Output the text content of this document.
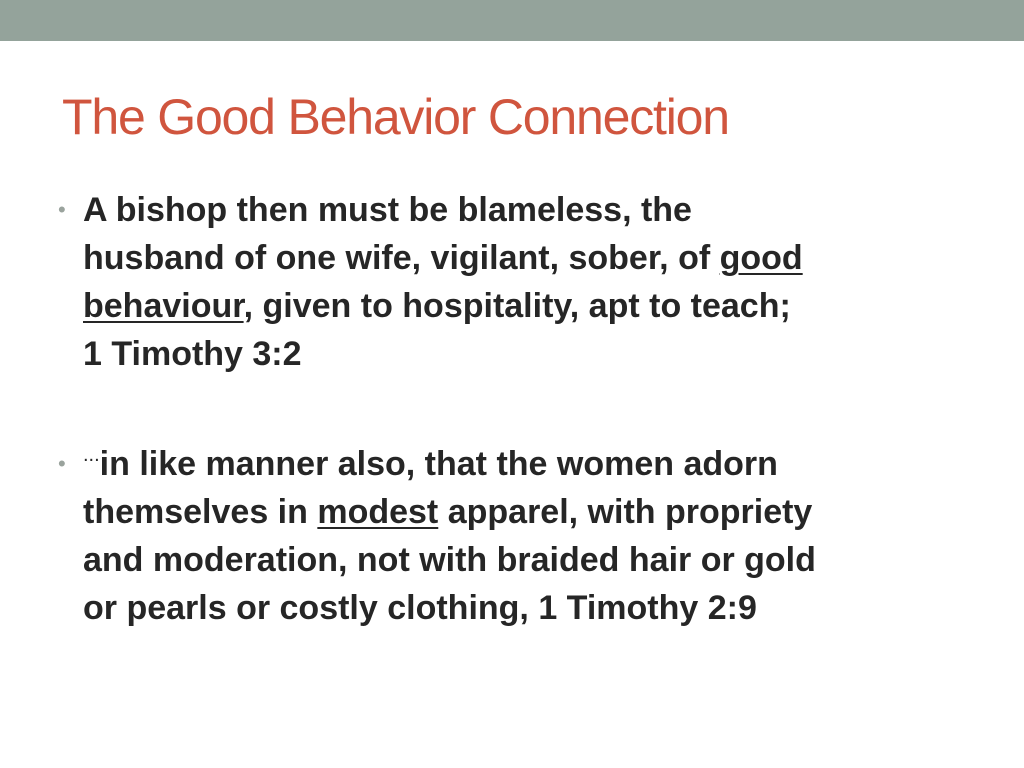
The Good Behavior Connection
• A bishop then must be blameless, the
husband of one wife, vigilant, sober, of good
behaviour, given to hospitality, apt to teach;
1 Timothy 3:2
• ...in like manner also, that the women adorn
themselves in modest apparel, with propriety
and moderation, not with braided hair or gold
or pearls or costly clothing, 1 Timothy 2:9
